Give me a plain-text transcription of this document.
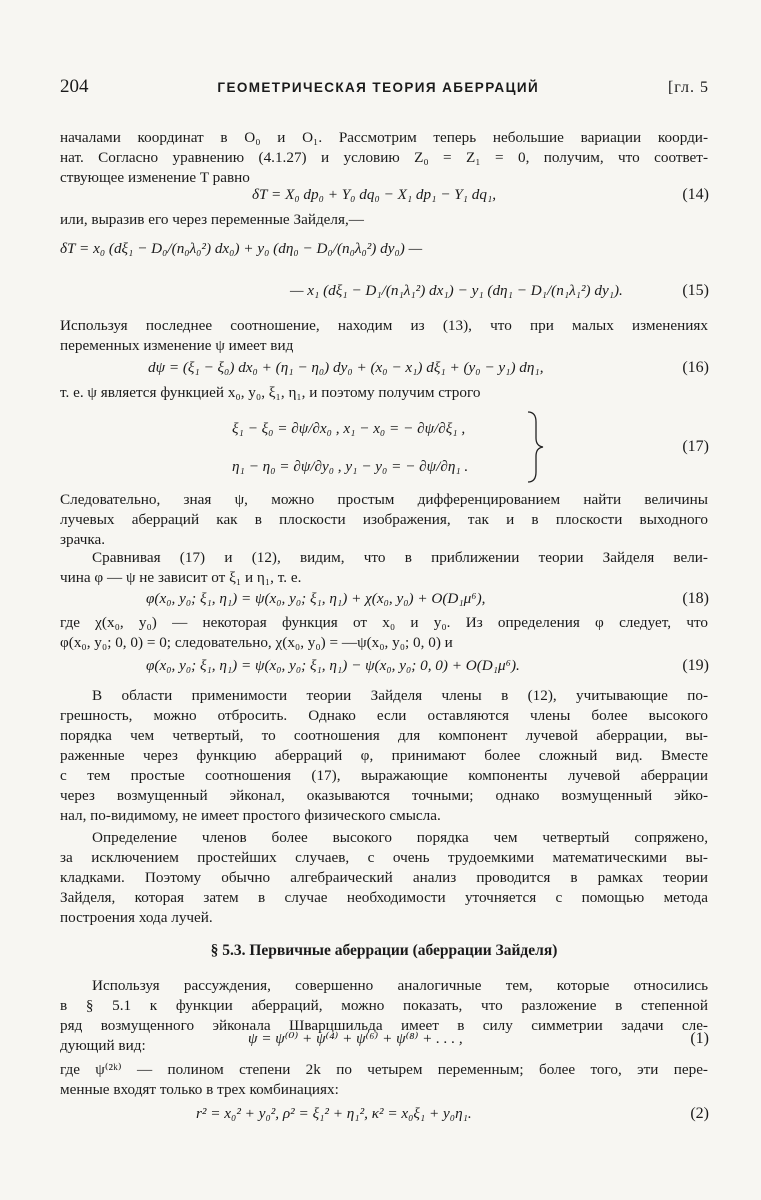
204	ГЕОМЕТРИЧЕСКАЯ ТЕОРИЯ АБЕРРАЦИЙ	[гл. 5
началами координат в O₀ и O₁. Рассмотрим теперь небольшие вариации коорди-
нат. Согласно уравнению (4.1.27) и условию Z₀ = Z₁ = 0, получим, что соответ-
ствующее изменение T равно
δT = X₀ dp₀ + Y₀ dq₀ − X₁ dp₁ − Y₁ dq₁,	(14)
или, выразив его через переменные Зайделя,—
δT = x₀ (dξ₁ − D₀/(n₀λ₀²) dx₀) + y₀ (dη₀ − D₀/(n₀λ₀²) dy₀) —
— x₁ (dξ₁ − D₁/(n₁λ₁²) dx₁) − y₁ (dη₁ − D₁/(n₁λ₁²) dy₁).	(15)
Используя последнее соотношение, находим из (13), что при малых изменениях
переменных изменение ψ имеет вид
dψ = (ξ₁ − ξ₀) dx₀ + (η₁ − η₀) dy₀ + (x₀ − x₁) dξ₁ + (y₀ − y₁) dη₁,	(16)
т. е. ψ является функцией x₀, y₀, ξ₁, η₁, и поэтому получим строго
ξ₁ − ξ₀ = ∂ψ/∂x₀ , x₁ − x₀ = − ∂ψ/∂ξ₁ ,
η₁ − η₀ = ∂ψ/∂y₀ , y₁ − y₀ = − ∂ψ/∂η₁ .
(17)
Следовательно, зная ψ, можно простым дифференцированием найти величины
лучевых аберраций как в плоскости изображения, так и в плоскости выходного
зрачка.
Сравнивая (17) и (12), видим, что в приближении теории Зайделя вели-
чина φ — ψ не зависит от ξ₁ и η₁, т. е.
φ(x₀, y₀; ξ₁, η₁) = ψ(x₀, y₀; ξ₁, η₁) + χ(x₀, y₀) + O(D₁μ⁶),	(18)
где χ(x₀, y₀) — некоторая функция от x₀ и y₀. Из определения φ следует, что
φ(x₀, y₀; 0, 0) = 0; следовательно, χ(x₀, y₀) = —ψ(x₀, y₀; 0, 0) и
φ(x₀, y₀; ξ₁, η₁) = ψ(x₀, y₀; ξ₁, η₁) − ψ(x₀, y₀; 0, 0) + O(D₁μ⁶).	(19)
В области применимости теории Зайделя члены в (12), учитывающие по-
грешность, можно отбросить. Однако если оставляются члены более высокого
порядка чем четвертый, то соотношения для компонент лучевой аберрации, вы-
раженные через функцию аберраций φ, принимают более сложный вид. Вместе
с тем простые соотношения (17), выражающие компоненты лучевой аберрации
через возмущенный эйконал, оказываются точными; однако возмущенный эйко-
нал, по-видимому, не имеет простого физического смысла.
Определение членов более высокого порядка чем четвертый сопряжено,
за исключением простейших случаев, с очень трудоемкими математическими вы-
кладками. Поэтому обычно алгебраический анализ проводится в рамках теории
Зайделя, которая затем в случае необходимости уточняется с помощью метода
построения хода лучей.
§ 5.3. Первичные аберрации (аберрации Зайделя)
Используя рассуждения, совершенно аналогичные тем, которые относились
в § 5.1 к функции аберраций, можно показать, что разложение в степенной
ряд возмущенного эйконала Шварцшильда имеет в силу симметрии задачи сле-
дующий вид:	ψ = ψ⁽⁰⁾ + ψ⁽⁴⁾ + ψ⁽⁶⁾ + ψ⁽⁸⁾ + . . . ,	(1)
где ψ⁽²ᵏ⁾ — полином степени 2k по четырем переменным; более того, эти пере-
менные входят только в трех комбинациях:
r² = x₀² + y₀², ρ² = ξ₁² + η₁², κ² = x₀ξ₁ + y₀η₁.	(2)
